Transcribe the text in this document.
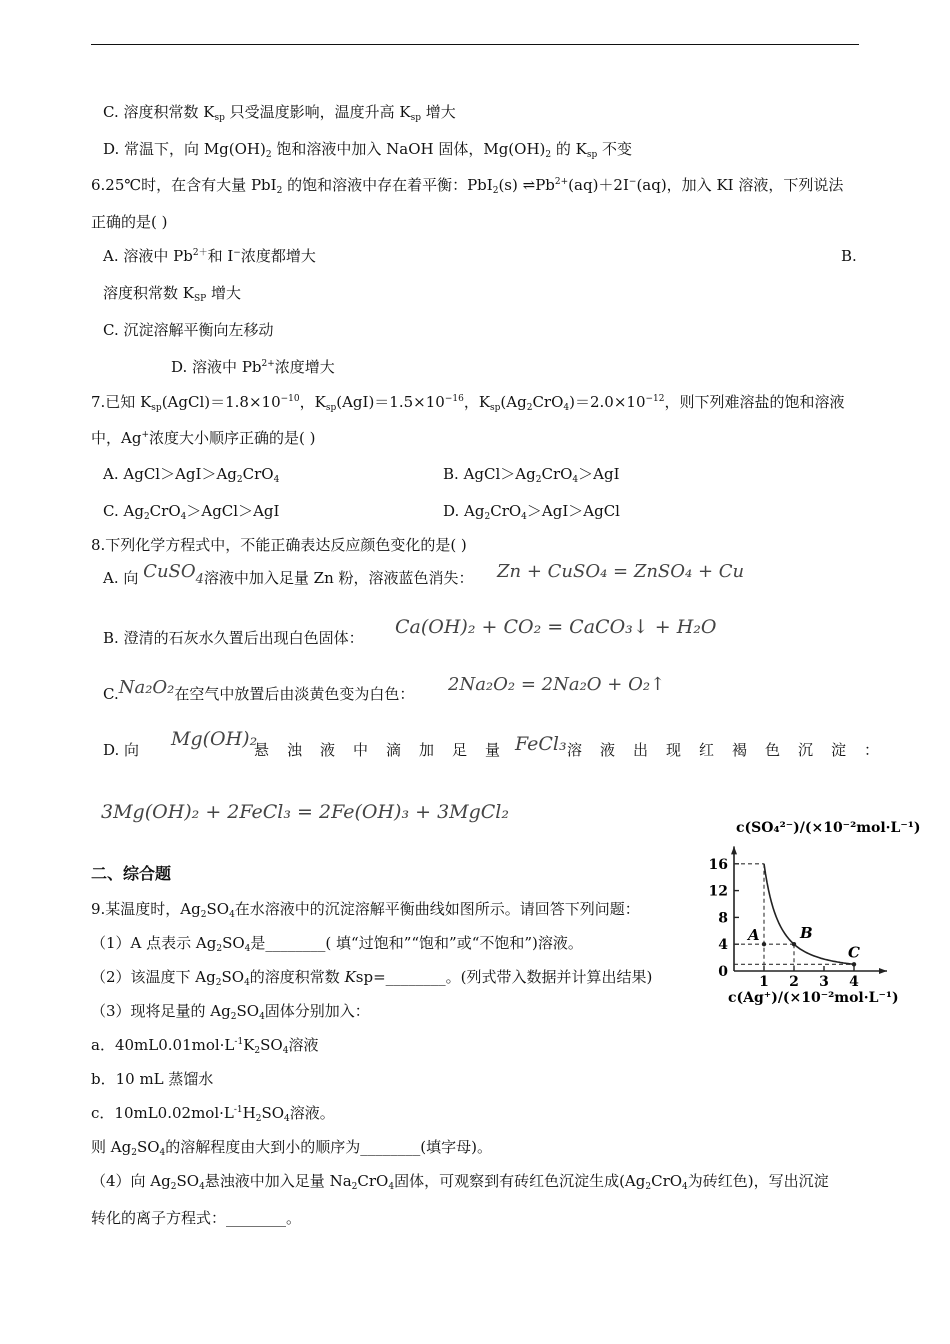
C. 溶度积常数 $K_{sp}$ 只受温度影响，温度升高 $K_{sp}$ 增大
D. 常温下，向 $Mg(OH)_2$ 饱和溶液中加入 NaOH 固体，$Mg(OH)_2$ 的 $K_{sp}$ 不变
6.25℃时，在含有大量 PbI$_2$ 的饱和溶液中存在着平衡：PbI$_2$(s) $\rightleftharpoons Pb^{2+}(aq)+2I^-(aq)$，加入 KI 溶液，下列说法
正确的是( )
A. 溶液中 $Pb^{2+}$和 I−浓度都增大	B.
溶度积常数 $K_{SP}$ 增大
C. 沉淀溶解平衡向左移动
D. 溶液中 $Pb^{2+}$浓度增大
7.已知 $K_{sp}(AgCl)=1.8\times 10^{-10}$，$K_{sp}(AgI)=1.5\times 10^{-16}$，$K_{sp}(Ag_2CrO_4)=2.0\times 10^{-12}$，则下列难溶盐的饱和溶液
中，Ag+浓度大小顺序正确的是( )
A. $AgCl>AgI>Ag_2CrO_4$	B. $AgCl>Ag_2CrO_4>AgI$
C. $Ag_2CrO_4>AgCl>AgI$	D. $Ag_2CrO_4>AgI>AgCl$
8.下列化学方程式中，不能正确表达反应颜色变化的是( )
A. 向 CuSO4溶液中加入足量 Zn 粉，溶液蓝色消失： Zn + CuSO₄ = ZnSO₄ + Cu
B. 澄清的石灰水久置后出现白色固体： Ca(OH)₂ + CO₂ = CaCO₃↓ + H₂O
C.Na₂O₂在空气中放置后由淡黄色变为白色： 2Na₂O₂ = 2Na₂O + O₂↑
D. 向 Mg(OH)₂
悬浊液中滴加足量
FeCl₃ 溶液出现红褐色沉淀：
3Mg(OH)₂ + 2FeCl₃ = 2Fe(OH)₃ + 3MgCl₂
二、综合题
9.某温度时，$Ag_2SO_4$在水溶液中的沉淀溶解平衡曲线如图所示。请回答下列问题：
（1）A 点表示 $Ag_2SO_4$是________( 填“过饱和”“饱和”或“不饱和”)溶液。
（2）该温度下 $Ag_2SO_4$的溶度积常数 Ksp=________。(列式带入数据并计算出结果)
（3）现将足量的 $Ag_2SO_4$固体分别加入：
a．$40mL0.01mol\cdot L^{-1}K_2SO_4$溶液
b．10 mL 蒸馏水
c．$10mL0.02mol\cdot L^{-1}H_2SO_4$溶液。
则 $Ag_2SO_4$的溶解程度由大到小的顺序为________(填字母)。
（4）向 $Ag_2SO_4$悬浊液中加入足量 $Na_2CrO_4$固体，可观察到有砖红色沉淀生成($Ag_2CrO_4$为砖红色)，写出沉淀
转化的离子方程式：________。
c(SO₄²⁻)/(×10⁻²mol·L⁻¹)
c(Ag⁺)/(×10⁻²mol·L⁻¹)
0
4
8
12
16
1 2 3 4
A	B
C
